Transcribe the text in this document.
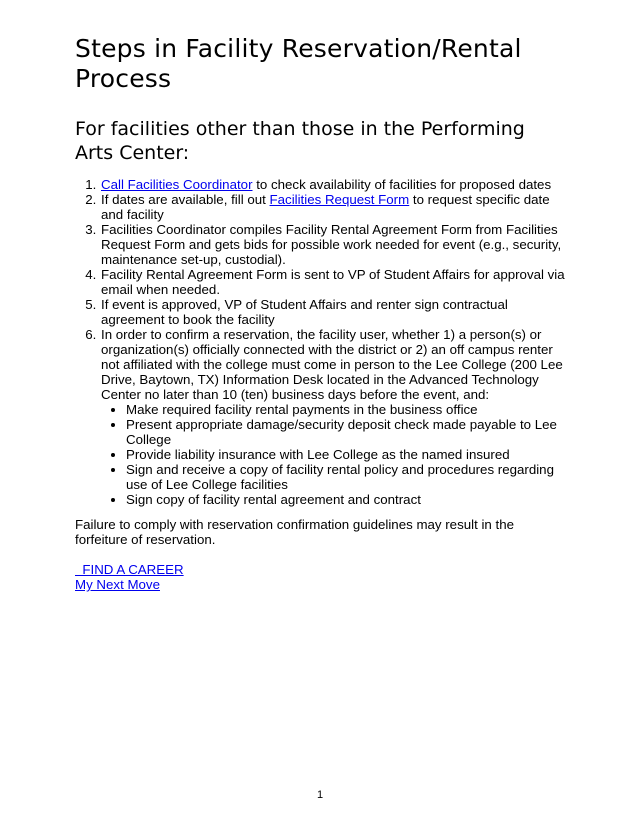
Steps in Facility Reservation/Rental Process
For facilities other than those in the Performing Arts Center:
1. Call Facilities Coordinator to check availability of facilities for proposed dates
2. If dates are available, fill out Facilities Request Form to request specific date and facility
3. Facilities Coordinator compiles Facility Rental Agreement Form from Facilities Request Form and gets bids for possible work needed for event (e.g., security, maintenance set-up, custodial).
4. Facility Rental Agreement Form is sent to VP of Student Affairs for approval via email when needed.
5. If event is approved, VP of Student Affairs and renter sign contractual agreement to book the facility
6. In order to confirm a reservation, the facility user, whether 1) a person(s) or organization(s) officially connected with the district or 2) an off campus renter not affiliated with the college must come in person to the Lee College (200 Lee Drive, Baytown, TX) Information Desk located in the Advanced Technology Center no later than 10 (ten) business days before the event, and:
• Make required facility rental payments in the business office
• Present appropriate damage/security deposit check made payable to Lee College
• Provide liability insurance with Lee College as the named insured
• Sign and receive a copy of facility rental policy and procedures regarding use of Lee College facilities
• Sign copy of facility rental agreement and contract

Failure to comply with reservation confirmation guidelines may result in the forfeiture of reservation.

FIND A CAREER
My Next Move

1
